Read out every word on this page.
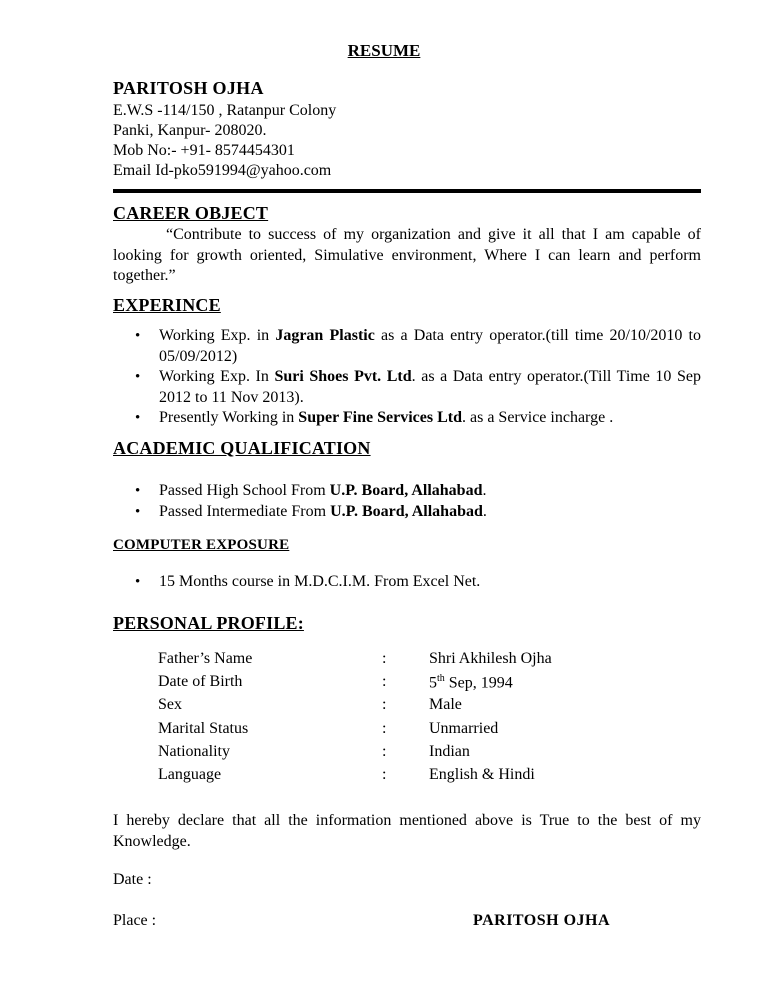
RESUME
PARITOSH OJHA
E.W.S -114/150 , Ratanpur Colony
Panki, Kanpur- 208020.
Mob No:- +91- 8574454301
Email Id-pko591994@yahoo.com
CAREER OBJECT
“Contribute to success of my organization and give it all that I am capable of looking for growth oriented, Simulative environment, Where I can learn and perform together.”
EXPERINCE
• Working Exp. in Jagran Plastic as a Data entry operator.(till time 20/10/2010 to 05/09/2012)
• Working Exp. In Suri Shoes Pvt. Ltd. as a Data entry operator.(Till Time 10 Sep 2012 to 11 Nov 2013).
• Presently Working in Super Fine Services Ltd. as a Service incharge .
ACADEMIC QUALIFICATION
• Passed High School From U.P. Board, Allahabad.
• Passed Intermediate From U.P. Board, Allahabad.
COMPUTER EXPOSURE
• 15 Months course in M.D.C.I.M. From Excel Net.
PERSONAL PROFILE:
Father’s Name	:	Shri Akhilesh Ojha
Date of Birth	:	5th Sep, 1994
Sex	:	Male
Marital Status	:	Unmarried
Nationality	:	Indian
Language	:	English & Hindi
I hereby declare that all the information mentioned above is True to the best of my Knowledge.
Date :
Place :	PARITOSH OJHA
